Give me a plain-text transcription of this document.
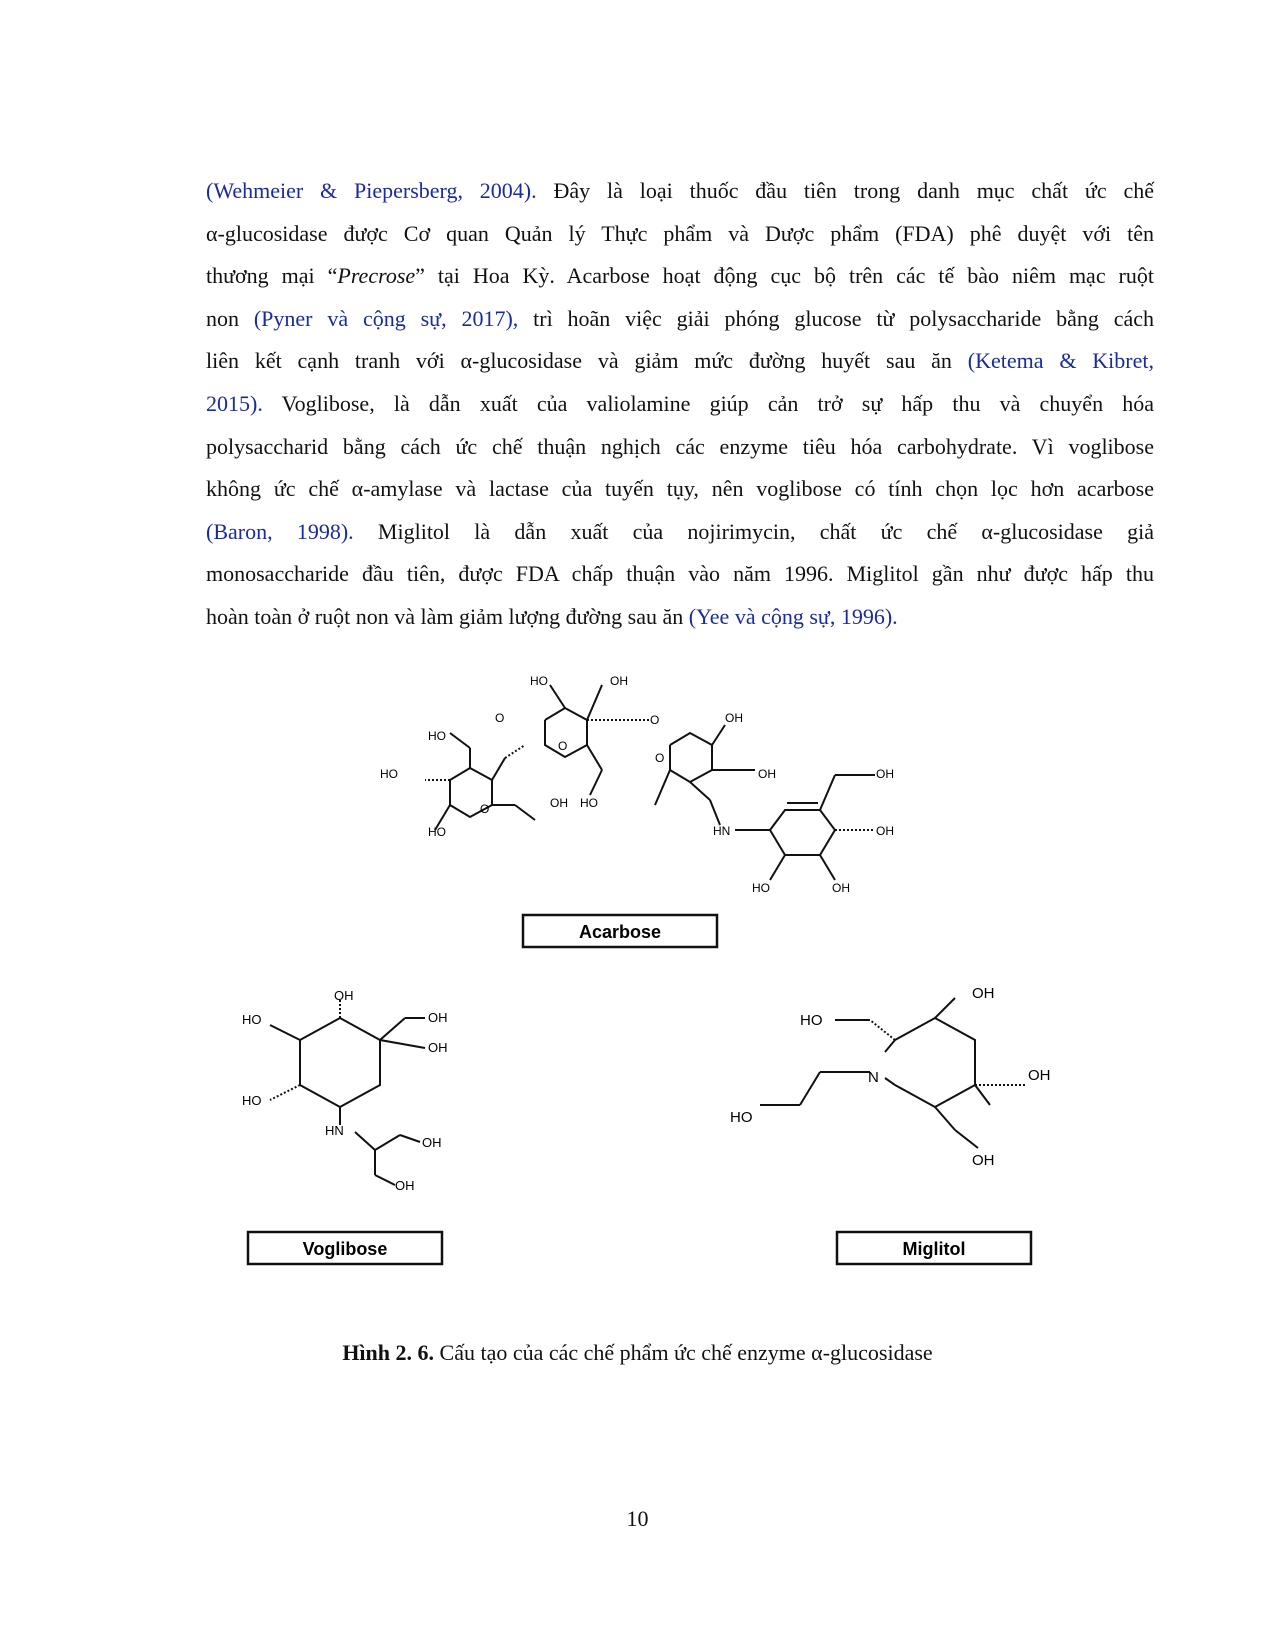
(Wehmeier & Piepersberg, 2004). Đây là loại thuốc đầu tiên trong danh mục chất ức chế
α-glucosidase được Cơ quan Quản lý Thực phẩm và Dược phẩm (FDA) phê duyệt với tên
thương mại “Precrose” tại Hoa Kỳ. Acarbose hoạt động cục bộ trên các tế bào niêm mạc ruột
non (Pyner và cộng sự, 2017), trì hoãn việc giải phóng glucose từ polysaccharide bằng cách
liên kết cạnh tranh với α-glucosidase và giảm mức đường huyết sau ăn (Ketema & Kibret,
2015). Voglibose, là dẫn xuất của valiolamine giúp cản trở sự hấp thu và chuyển hóa
polysaccharid bằng cách ức chế thuận nghịch các enzyme tiêu hóa carbohydrate. Vì voglibose
không ức chế α-amylase và lactase của tuyến tụy, nên voglibose có tính chọn lọc hơn acarbose
(Baron, 1998). Miglitol là dẫn xuất của nojirimycin, chất ức chế α-glucosidase giả
monosaccharide đầu tiên, được FDA chấp thuận vào năm 1996. Miglitol gần như được hấp thu
hoàn toàn ở ruột non và làm giảm lượng đường sau ăn (Yee và cộng sự, 1996).
HO
HO	OH
HO
O
O
OH
HO
O	HO
O	OH
O
OH	OH
HN	OH
HO	OH
Acarbose
OH
HO	OH
OH
HO
HN
OH
OH
Voglibose
HO
OH
N	OH
HO
OH
Miglitol
Hình 2. 6. Cấu tạo của các chế phẩm ức chế enzyme α-glucosidase
10
